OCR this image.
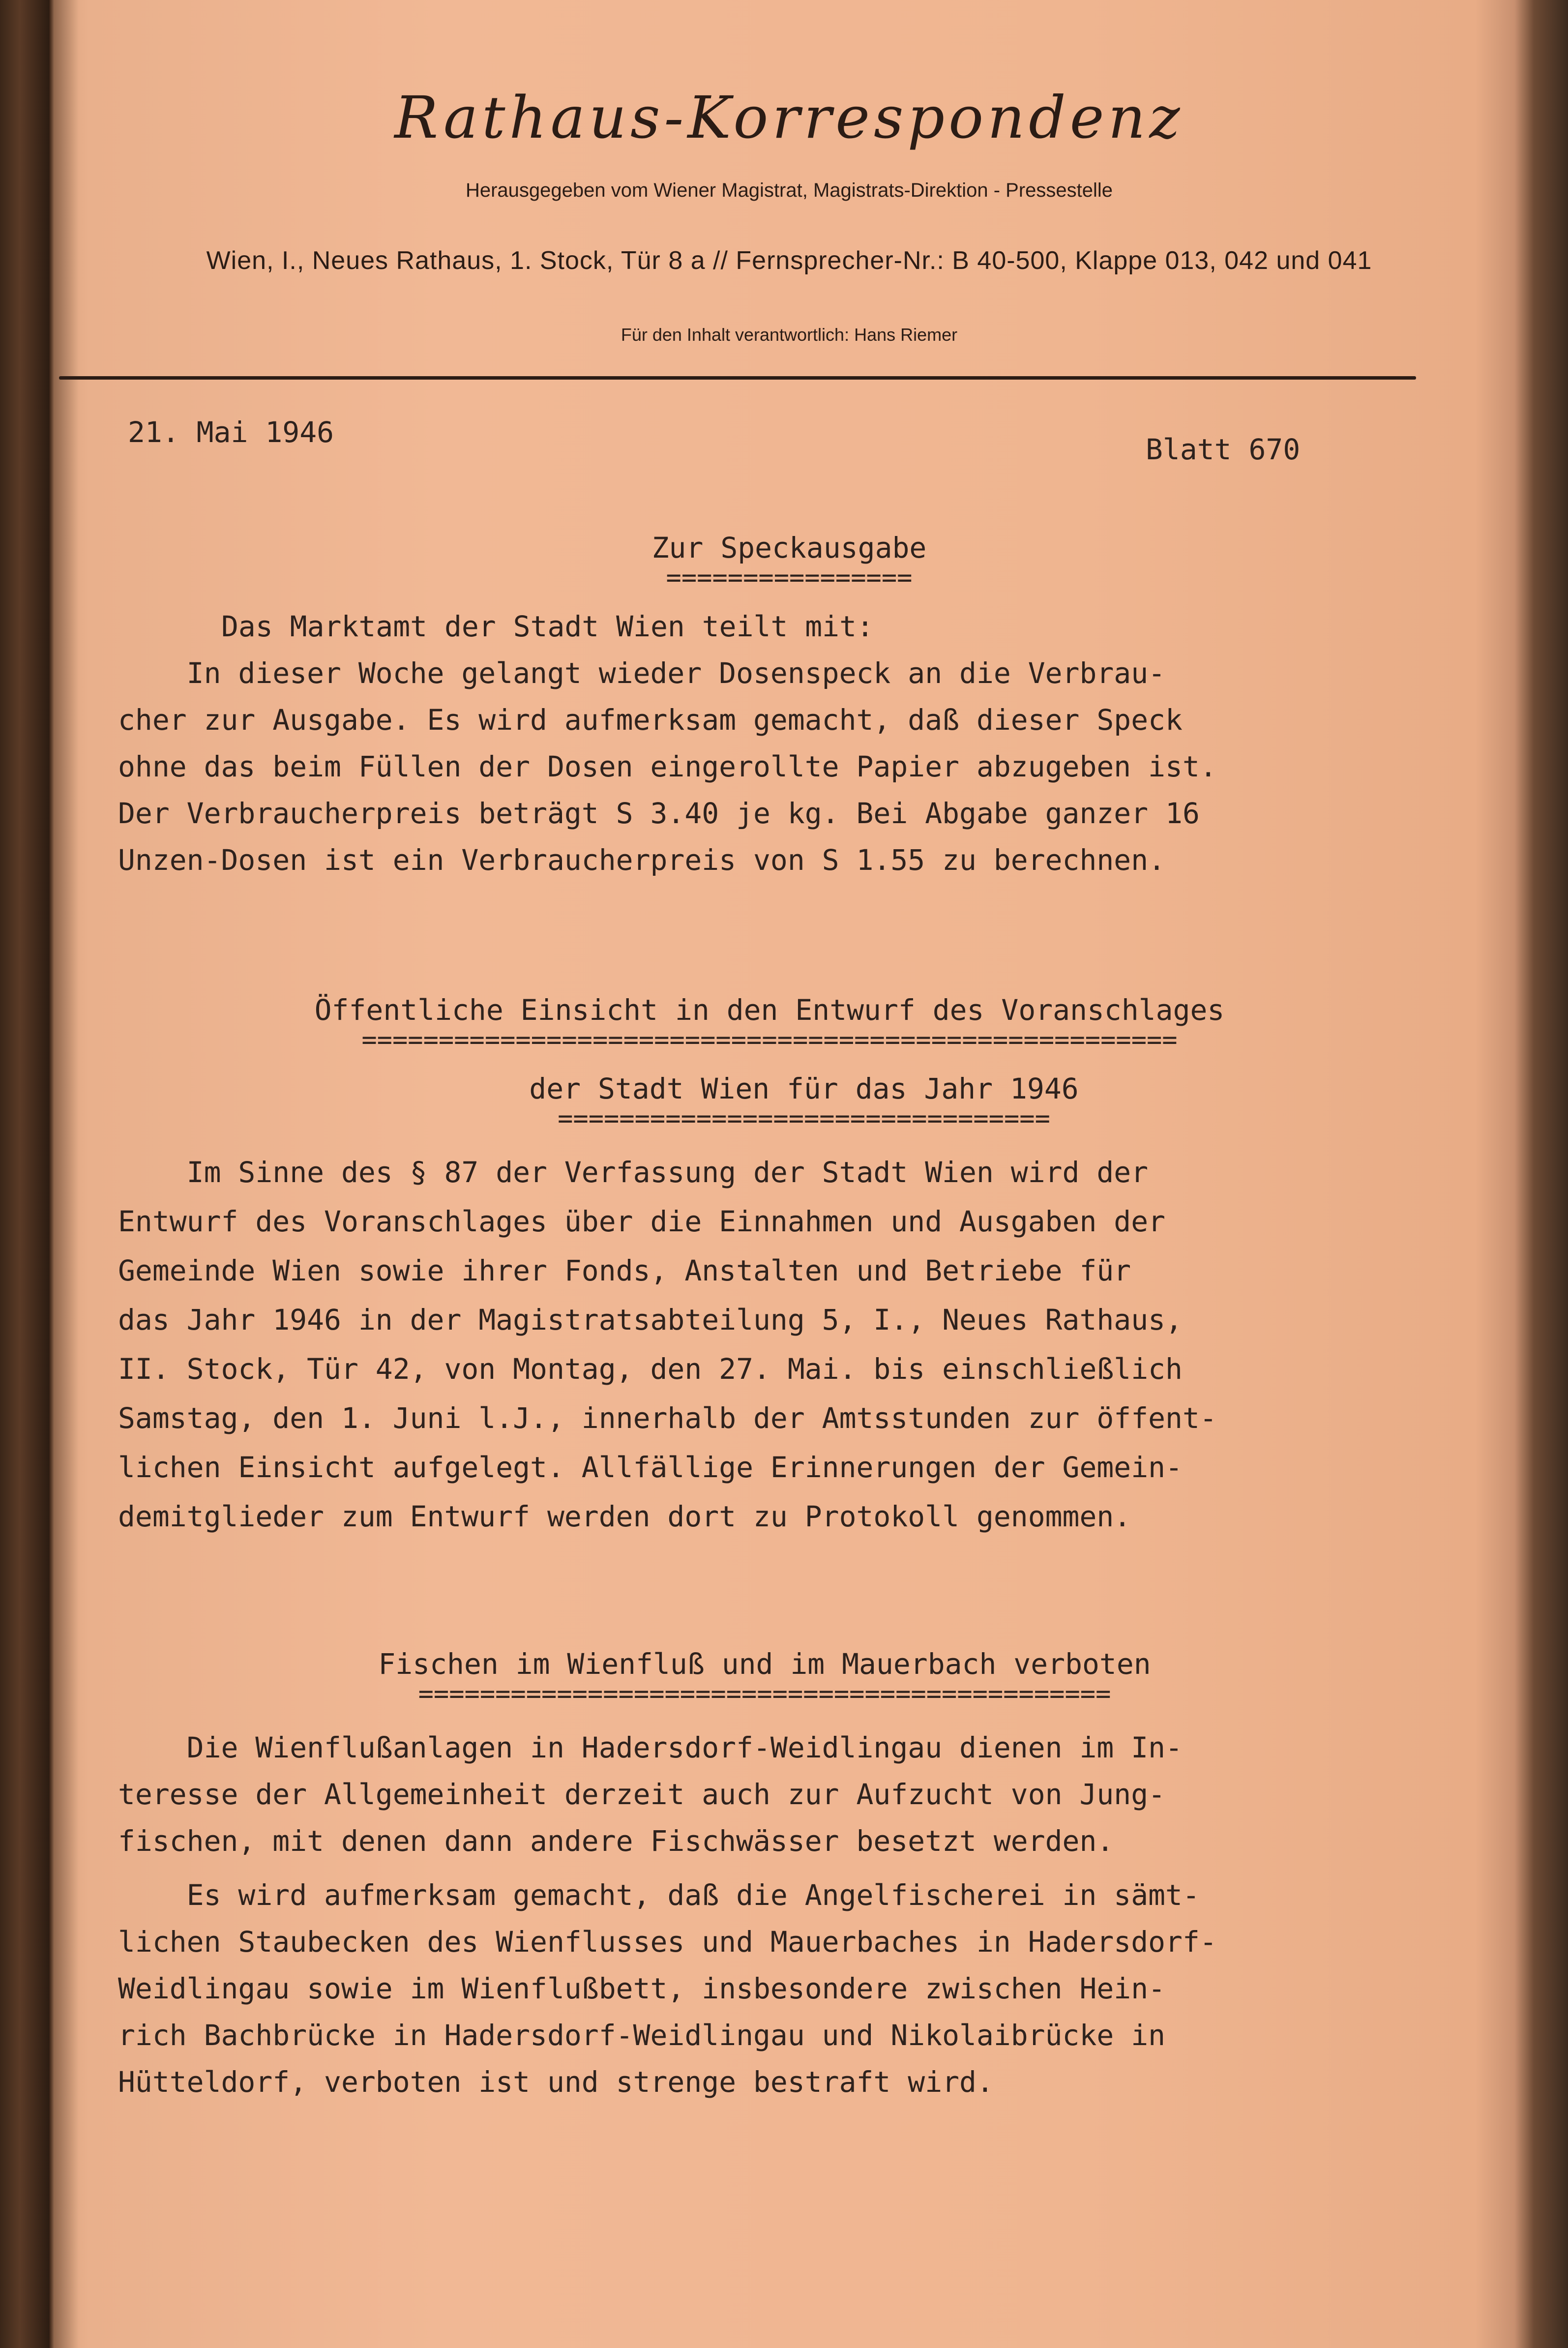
Rathaus-Korrespondenz
Herausgegeben vom Wiener Magistrat, Magistrats-Direktion - Pressestelle
Wien, I., Neues Rathaus, 1. Stock, Tür 8 a // Fernsprecher-Nr.: B 40-500, Klappe 013, 042 und 041
Für den Inhalt verantwortlich: Hans Riemer
21. Mai 1946
Blatt 670
Zur Speckausgabe
================
Das Marktamt der Stadt Wien teilt mit:
In dieser Woche gelangt wieder Dosenspeck an die Verbrau-
cher zur Ausgabe. Es wird aufmerksam gemacht, daß dieser Speck
ohne das beim Füllen der Dosen eingerollte Papier abzugeben ist.
Der Verbraucherpreis beträgt S 3.40 je kg. Bei Abgabe ganzer 16
Unzen-Dosen ist ein Verbraucherpreis von S 1.55 zu berechnen.
Öffentliche Einsicht in den Entwurf des Voranschlages
=====================================================
der Stadt Wien für das Jahr 1946
================================
Im Sinne des § 87 der Verfassung der Stadt Wien wird der
Entwurf des Voranschlages über die Einnahmen und Ausgaben der
Gemeinde Wien sowie ihrer Fonds, Anstalten und Betriebe für
das Jahr 1946 in der Magistratsabteilung 5, I., Neues Rathaus,
II. Stock, Tür 42, von Montag, den 27. Mai. bis einschließlich
Samstag, den 1. Juni l.J., innerhalb der Amtsstunden zur öffent-
lichen Einsicht aufgelegt. Allfällige Erinnerungen der Gemein-
demitglieder zum Entwurf werden dort zu Protokoll genommen.
Fischen im Wienfluß und im Mauerbach verboten
=============================================
Die Wienflußanlagen in Hadersdorf-Weidlingau dienen im In-
teresse der Allgemeinheit derzeit auch zur Aufzucht von Jung-
fischen, mit denen dann andere Fischwässer besetzt werden.
Es wird aufmerksam gemacht, daß die Angelfischerei in sämt-
lichen Staubecken des Wienflusses und Mauerbaches in Hadersdorf-
Weidlingau sowie im Wienflußbett, insbesondere zwischen Hein-
rich Bachbrücke in Hadersdorf-Weidlingau und Nikolaibrücke in
Hütteldorf, verboten ist und strenge bestraft wird.
